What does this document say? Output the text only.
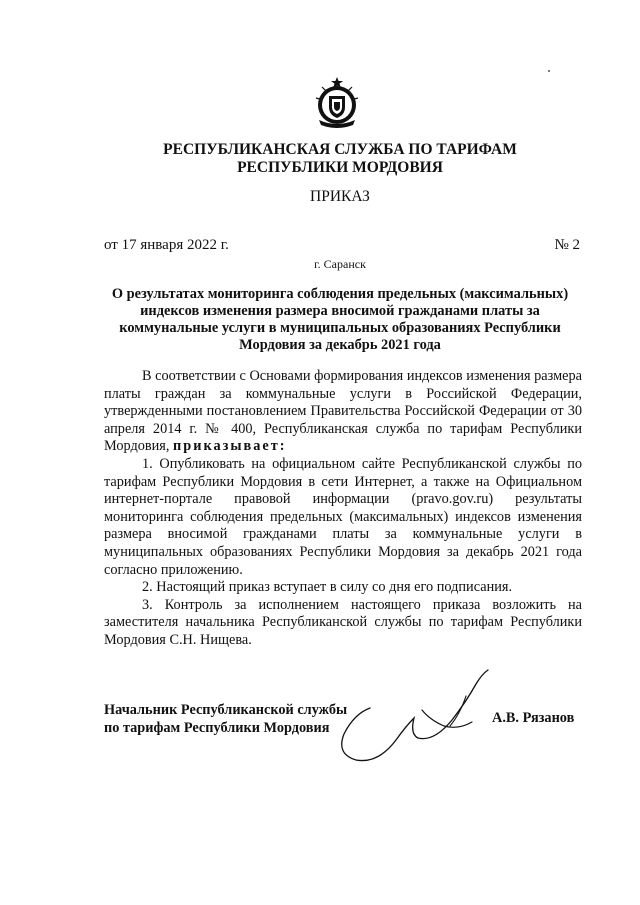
РЕСПУБЛИКАНСКАЯ СЛУЖБА ПО ТАРИФАМ
РЕСПУБЛИКИ МОРДОВИЯ
ПРИКАЗ
от 17 января 2022 г.	№ 2
г. Саранск
О результатах мониторинга соблюдения предельных (максимальных)
индексов изменения размера вносимой гражданами платы за
коммунальные услуги в муниципальных образованиях Республики
Мордовия за декабрь 2021 года

В соответствии с Основами формирования индексов изменения размера платы граждан за коммунальные услуги в Российской Федерации, утвержденными постановлением Правительства Российской Федерации от 30 апреля 2014 г. № 400, Республиканская служба по тарифам Республики Мордовия, приказывает:

1. Опубликовать на официальном сайте Республиканской службы по тарифам Республики Мордовия в сети Интернет, а также на Официальном интернет-портале правовой информации (pravo.gov.ru) результаты мониторинга соблюдения предельных (максимальных) индексов изменения размера вносимой гражданами платы за коммунальные услуги в муниципальных образованиях Республики Мордовия за декабрь 2021 года согласно приложению.

2. Настоящий приказ вступает в силу со дня его подписания.

3. Контроль за исполнением настоящего приказа возложить на заместителя начальника Республиканской службы по тарифам Республики Мордовия С.Н. Нищева.

Начальник Республиканской службы
по тарифам Республики Мордовия
А.В. Рязанов
